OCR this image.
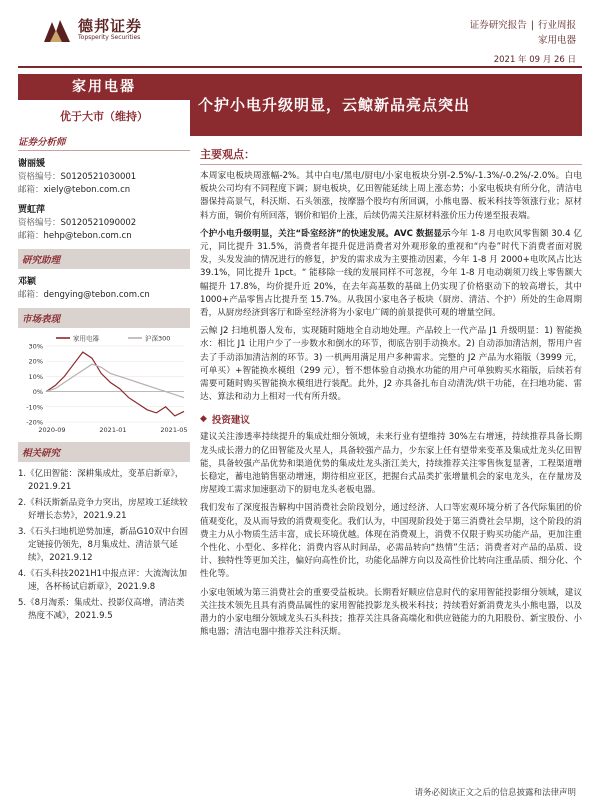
德邦证券
Topsperity Securities
证券研究报告 | 行业周报
家用电器
2021 年 09 月 26 日
家用电器
优于大市（维持）
证券分析师
谢丽媛
资格编号：S0120521030001
邮箱：xiely@tebon.com.cn
贾虹萍
资格编号：S0120521090002
邮箱：hehp@tebon.com.cn
研究助理
邓颖
邮箱：dengying@tebon.com.cn
市场表现
30%
20%
10%
0%
-10%
-20%
2020-09	2021-01	2021-05
家用电器	沪深300
相关研究
1.《亿田智能：深耕集成灶，变革启新章》，2021.9.21
2.《科沃斯新品竞争力突出，房屋竣工延续较好增长态势》，2021.9.21
3.《石头扫地机逆势加速，新品G10双中台固定链接仍领先，8月集成灶、清洁景气延续》，2021.9.12
4.《石头科技2021H1中报点评：大流淘汰加速，各杯杨试启新章》，2021.9.8
5.《8月淘系：集成灶、投影仪高增，清洁类热度不减》，2021.9.5
个护小电升级明显，云鲸新品亮点突出
主要观点：

本周家电板块周涨幅-2%。其中白电/黑电/厨电/小家电板块分别-2.5%/-1.3%/-0.2%/-2.0%。白电板块公司均有不同程度下调；厨电板块，亿田智能延续上周上涨态势；小家电板块有所分化，清洁电器保持高景气，科沃斯、石头领涨，按摩器个股均有所回调，小熊电器、板米科技等领涨行业；原材料方面，铜价有所回落，钢价和铝价上涨，后续仍需关注原材料涨价压力传递至报表端。

个护小电升级明显，关注“卧室经济”的快速发展。AVC 数据显示今年 1-8 月电吹风零售额 30.4 亿元，同比提升 31.5%，消费者年提升促进消费者对外观形象的重视和“内卷”时代下消费者面对脱发，头发发油的情况进行的修复，护发的需求成为主要推动因素，今年 1-8 月 2000+电吹风占比达 39.1%，同比提升 1pct。“ 能移除一线的发展同样不可忽视，今年 1-8 月电动剃须刀线上零售额大幅提升 17.8%，均价提升近 20%，在去年高基数的基础上仍实现了价格驱动下的较高增长，其中 1000+产品零售占比提升至 15.7%。从我国小家电各子板块（厨房、清洁、个护）所处的生命周期看，从厨房经济到客厅和卧室经济将为小家电广阔的前景提供可观的增量空间。

云鲸 J2 扫地机器人发布，实现随时随地全自动地处理。产品较上一代产品 J1 升级明显：1) 智能换水：相比 J1 让用户少了一步数水和倒水的环节，彻底告别手动换水。2) 自动添加清洁剂，帮用户省去了手动添加清洁剂的环节。3) 一机两用满足用户多种需求。完整的 J2 产品为水箱版（3999 元，可单买）+智能换水模组（299 元），暂不想体验自动换水功能的用户可单独购买水箱版，后续若有需要可随时购买智能换水模组进行装配。此外，J2 亦具备扎布自动清洗/烘干功能，在扫地功能、雷达、算法和动力上相对一代有所升级。

◆ 投资建议

建议关注渗透率持续提升的集成灶细分领域，未来行业有望维持 30%左右增速，持续推荐具备长期龙头成长潜力的亿田智能及火星人，具备较强产品力，少东家上任有望带来变革及集成灶龙头亿田智能，具备较强产品优势和渠道优势的集成灶龙头浙江美大，持续推荐关注零售恢复显著，工程渠道增长稳定，蓄电池销售驱动增速，期待相应亚区，把握台式品类扩张增量机会的家电龙头，在存量房及房屋竣工需求加速驱动下的厨电龙头老板电器。

我们发布了深度报告解构中国消费社会阶段划分，通过经济、人口等宏观环境分析了各代际集团的价值观变化，及从而导致的消费观变化。我们认为，中国现阶段处于第三消费社会早期，这个阶段的消费主力从小物质生活丰富，成长环境优越。体现在消费观上，消费不仅限于购买功能产品，更加注重个性化、小型化、多样化；消费内容从时间品，必需品转向“热情”生活；消费者对产品的品质、设计、独特性等更加关注，偏好向高性价比，功能化品牌方向以及高性价比转向注重品质、细分化、个性化等。

小家电领域为第三消费社会的重要受益板块。长期看好顺应信息时代的家用智能投影细分领域，建议关注技术领先且具有消费品属性的家用智能投影龙头极米科技；持续看好新消费龙头小熊电器，以及潜力的小家电细分领域龙头石头科技；推荐关注具备高端化和供应链能力的九阳股份、新宝股份、小熊电器；清洁电器中推荐关注科沃斯。

请务必阅读正文之后的信息披露和法律声明
